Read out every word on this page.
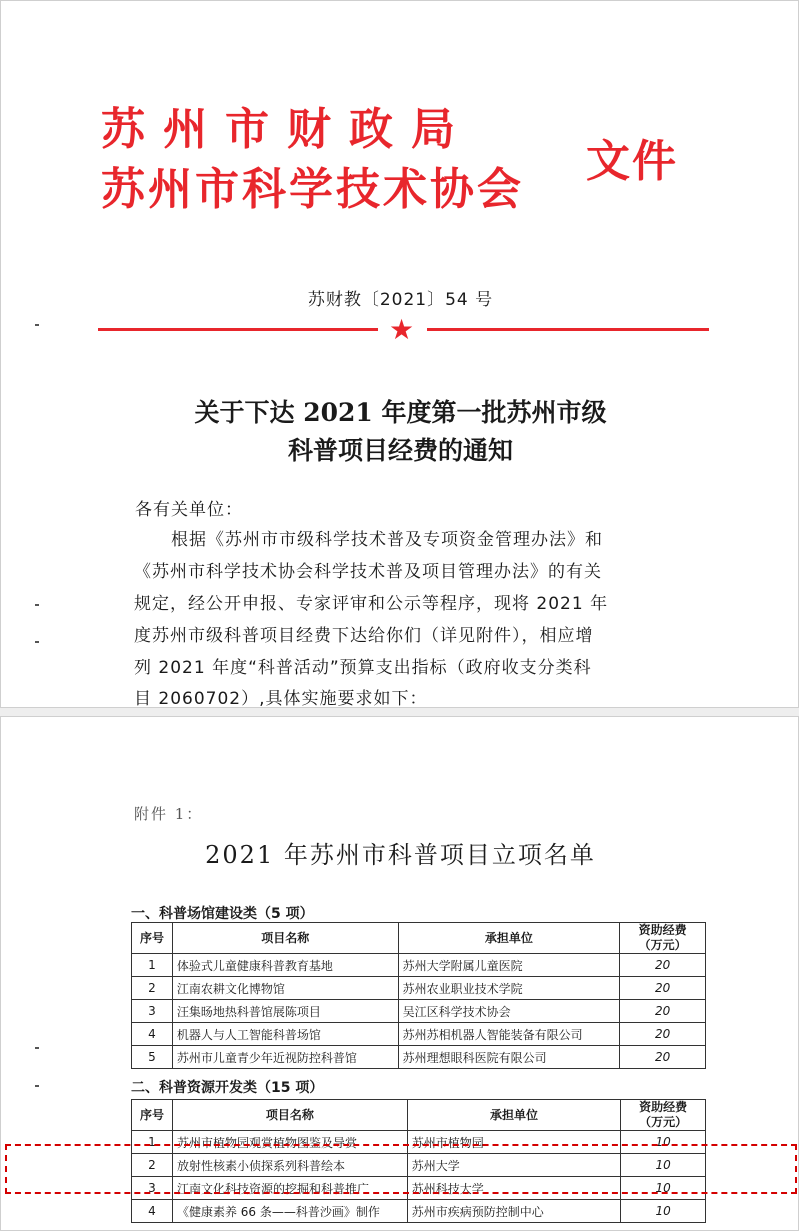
苏州市财政局
苏州市科学技术协会
文件
苏财教〔2021〕54 号
★
关于下达 2021 年度第一批苏州市级
科普项目经费的通知
各有关单位：
根据《苏州市市级科学技术普及专项资金管理办法》和
《苏州市科学技术协会科学技术普及项目管理办法》的有关
规定，经公开申报、专家评审和公示等程序，现将 2021 年
度苏州市级科普项目经费下达给你们（详见附件），相应增
列 2021 年度“科普活动”预算支出指标（政府收支分类科
目 2060702）,具体实施要求如下：
附件 1：
2021 年苏州市科普项目立项名单
一、科普场馆建设类（5 项）
序号	项目名称	承担单位	资助经费
（万元）
1	体验式儿童健康科普教育基地	苏州大学附属儿童医院	20
2	江南农耕文化博物馆	苏州农业职业技术学院	20
3	汪集旸地热科普馆展陈项目	吴江区科学技术协会	20
4	机器人与人工智能科普场馆	苏州苏相机器人智能装备有限公司	20
5	苏州市儿童青少年近视防控科普馆	苏州理想眼科医院有限公司	20
二、科普资源开发类（15 项）
序号	项目名称	承担单位	资助经费
（万元）
1	苏州市植物园观赏植物图鉴及导赏	苏州市植物园	10
2	放射性核素小侦探系列科普绘本	苏州大学	10
3	江南文化科技资源的挖掘和科普推广	苏州科技大学	10
4	《健康素养 66 条——科普沙画》制作	苏州市疾病预防控制中心	10
